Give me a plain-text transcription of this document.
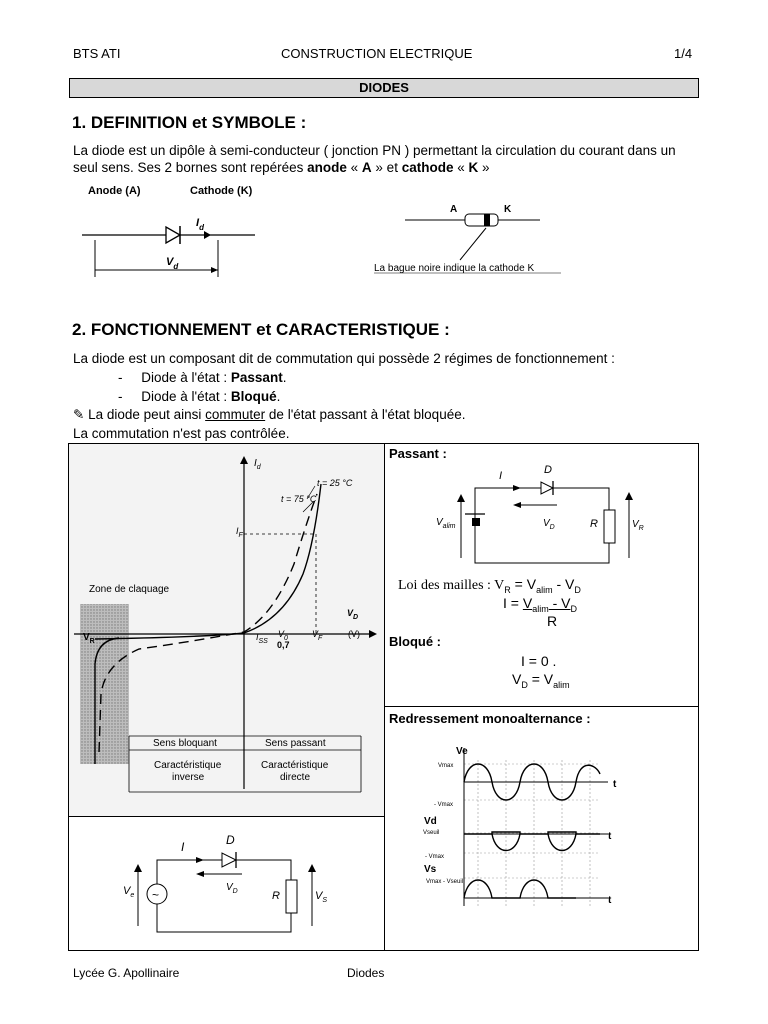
BTS ATI	CONSTRUCTION ELECTRIQUE	1/4
DIODES
1. DEFINITION et SYMBOLE :
La diode est un dipôle à semi-conducteur ( jonction PN ) permettant la circulation du courant dans un seul sens. Ses 2 bornes sont repérées anode « A » et cathode « K »
Anode (A)	Cathode (K)
$I_d$
$V_d$
A	K
La bague noire indique la cathode K
2. FONCTIONNEMENT et CARACTERISTIQUE :
La diode est un composant dit de commutation qui possède 2 régimes de fonctionnement :
- Diode à l'état : Passant.
- Diode à l'état : Bloqué.
✎ La diode peut ainsi commuter de l'état passant à l'état bloquée.
La commutation n'est pas contrôlée.
$I_d$
t = 25 °C
t = 75 °C
$I_F$
Zone de claquage
$V_D$
(V)
$V_R$	$I_{SS}$
$V_0$
0,7
$V_F$
Sens bloquant	Sens passant
Caractéristique
inverse
Caractéristique
directe
Passant :
D
I
$V_D$	R	$V_R$
$V_{alim}$
Loi des mailles : $V_R = V_{alim} - V_D$
$I = V_{alim} - V_D$
R
Bloqué :
I = 0 .
$V_D = V_{alim}$
Redressement monoalternance :
Ve
Vmax
- Vmax
t
Vd
Vseuil
- Vmax
t
Vs
Vmax - Vseuil
t
~
D
I
$V_D$	R	$V_S$
$V_e$
Lycée G. Apollinaire	Diodes
